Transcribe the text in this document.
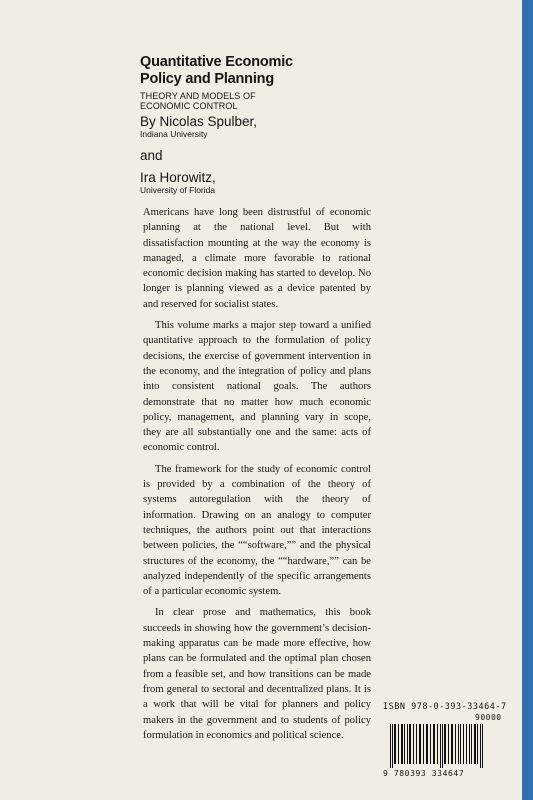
Quantitative Economic
Policy and Planning
THEORY AND MODELS OF
ECONOMIC CONTROL
By Nicolas Spulber,
Indiana University
and
Ira Horowitz,
University of Florida

Americans have long been distrustful of economic planning at the national level. But with dissatisfaction mounting at the way the economy is managed, a climate more favorable to rational economic decision making has started to develop. No longer is planning viewed as a device patented by and reserved for socialist states.

This volume marks a major step toward a unified quantitative approach to the formulation of policy decisions, the exercise of government intervention in the economy, and the integration of policy and plans into consistent national goals. The authors demonstrate that no matter how much economic policy, management, and planning vary in scope, they are all substantially one and the same: acts of economic control.

The framework for the study of economic control is provided by a combination of the theory of systems autoregulation with the theory of information. Drawing on an analogy to computer techniques, the authors point out that interactions between policies, the ““software,”” and the physical structures of the economy, the ““hardware,”” can be analyzed independently of the specific arrangements of a particular economic system.

In clear prose and mathematics, this book succeeds in showing how the government’s decision-making apparatus can be made more effective, how plans can be formulated and the optimal plan chosen from a feasible set, and how transitions can be made from general to sectoral and decentralized plans. It is a work that will be vital for planners and policy makers in the government and to students of policy formulation in economics and political science.

ISBN 978-0-393-33464-7
90000
9 780393 334647
